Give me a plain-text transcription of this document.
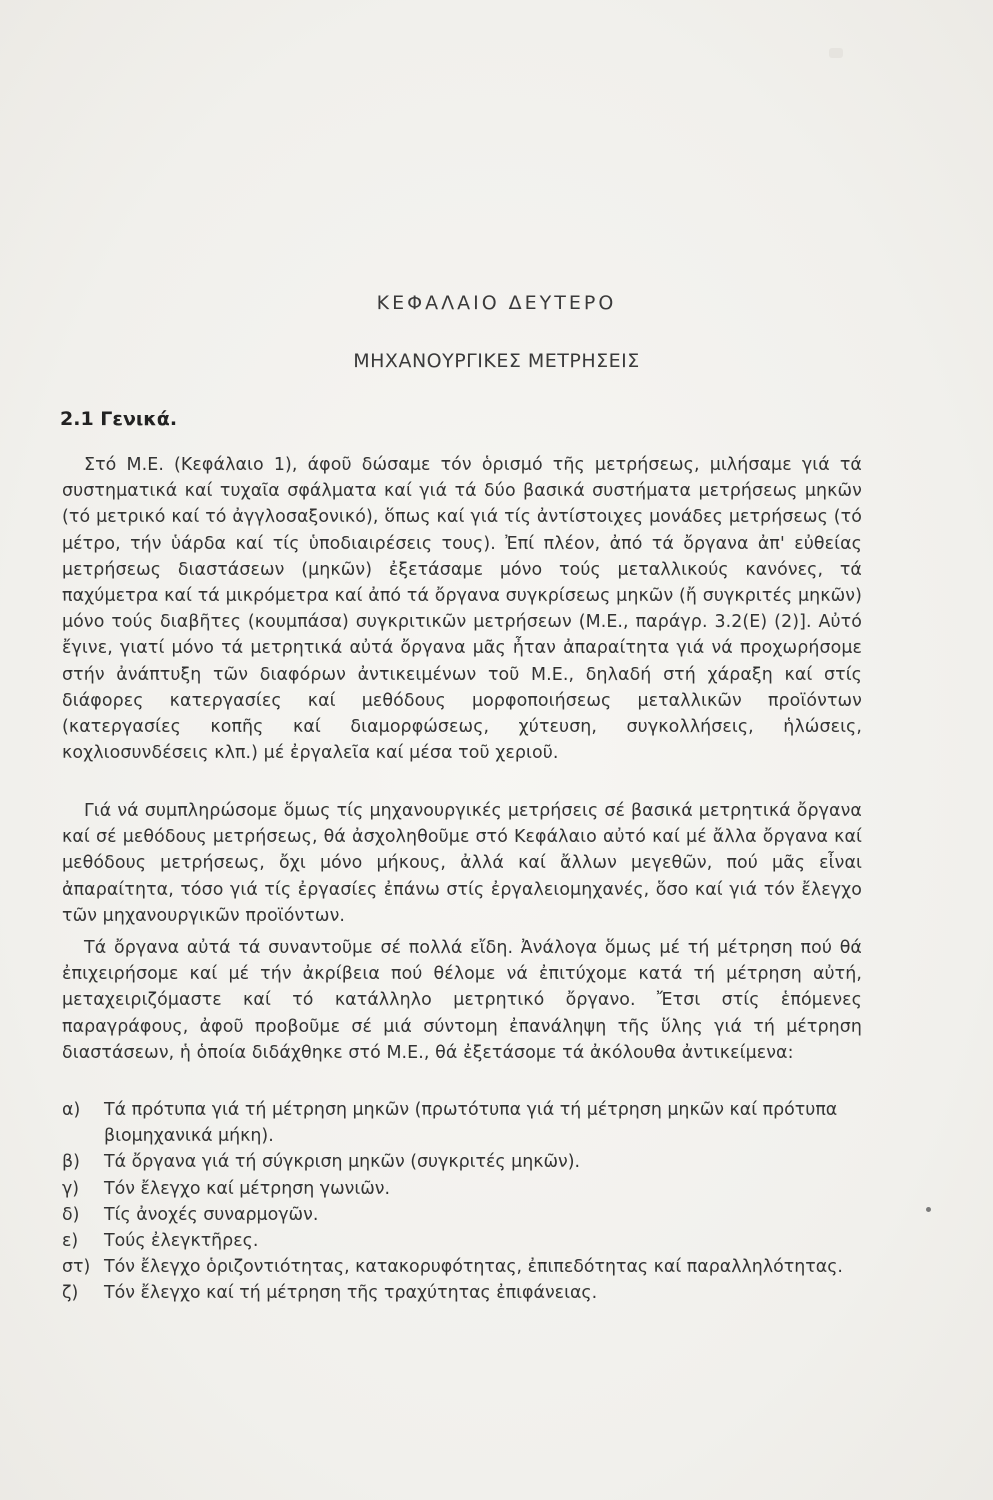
ΚΕΦΑΛΑΙΟ ΔΕΥΤΕΡΟ
ΜΗΧΑΝΟΥΡΓΙΚΕΣ ΜΕΤΡΗΣΕΙΣ
2.1 Γενικά.

Στό Μ.Ε. (Κεφάλαιο 1), άφοῦ δώσαμε τόν ὁρισμό τῆς μετρήσεως, μιλήσαμε γιά τά συστηματικά καί τυχαῖα σφάλματα καί γιά τά δύο βασικά συστήματα μετρήσεως μηκῶν (τό μετρικό καί τό ἀγγλοσαξονικό), ὅπως καί γιά τίς ἀντίστοιχες μονάδες μετρήσεως (τό μέτρο, τήν ὑάρδα καί τίς ὑποδιαιρέσεις τους). Ἐπί πλέον, ἀπό τά ὄργανα ἀπ' εὐθείας μετρήσεως διαστάσεων (μηκῶν) ἐξετάσαμε μόνο τούς μεταλλικούς κανόνες, τά παχύμετρα καί τά μικρόμετρα καί ἀπό τά ὄργανα συγκρίσεως μηκῶν (ἤ συγκριτές μηκῶν) μόνο τούς διαβῆτες (κουμπάσα) συγκριτικῶν μετρήσεων (Μ.Ε., παράγρ. 3.2(Ε) (2)]. Αὐτό ἔγινε, γιατί μόνο τά μετρητικά αὐτά ὄργανα μᾶς ἦταν ἀπαραίτητα γιά νά προχωρήσομε στήν ἀνάπτυξη τῶν διαφόρων ἀντικειμένων τοῦ Μ.Ε., δηλαδή στή χάραξη καί στίς διάφορες κατεργασίες καί μεθόδους μορφοποιήσεως μεταλλικῶν προϊόντων (κατεργασίες κοπῆς καί διαμορφώσεως, χύτευση, συγκολλήσεις, ἡλώσεις, κοχλιοσυνδέσεις κλπ.) μέ ἐργαλεῖα καί μέσα τοῦ χεριοῦ.

Γιά νά συμπληρώσομε ὅμως τίς μηχανουργικές μετρήσεις σέ βασικά μετρητικά ὄργανα καί σέ μεθόδους μετρήσεως, θά ἀσχοληθοῦμε στό Κεφάλαιο αὐτό καί μέ ἄλλα ὄργανα καί μεθόδους μετρήσεως, ὄχι μόνο μήκους, ἀλλά καί ἄλλων μεγεθῶν, πού μᾶς εἶναι ἀπαραίτητα, τόσο γιά τίς ἐργασίες ἐπάνω στίς ἐργαλειομηχανές, ὅσο καί γιά τόν ἔλεγχο τῶν μηχανουργικῶν προϊόντων.

Τά ὄργανα αὐτά τά συναντοῦμε σέ πολλά εἴδη. Ἀνάλογα ὅμως μέ τή μέτρηση πού θά ἐπιχειρήσομε καί μέ τήν ἀκρίβεια πού θέλομε νά ἐπιτύχομε κατά τή μέτρηση αὐτή, μεταχειριζόμαστε καί τό κατάλληλο μετρητικό ὄργανο. Ἔτσι στίς ἑπόμενες παραγράφους, ἀφοῦ προβοῦμε σέ μιά σύντομη ἐπανάληψη τῆς ὕλης γιά τή μέτρηση διαστάσεων, ἡ ὁποία διδάχθηκε στό Μ.Ε., θά ἐξετάσομε τά ἀκόλουθα ἀντικείμενα:

α)	Τά πρότυπα γιά τή μέτρηση μηκῶν (πρωτότυπα γιά τή μέτρηση μηκῶν καί πρότυπα βιομηχανικά μήκη).
β)	Τά ὄργανα γιά τή σύγκριση μηκῶν (συγκριτές μηκῶν).
γ)	Τόν ἔλεγχο καί μέτρηση γωνιῶν.
δ)	Τίς ἀνοχές συναρμογῶν.
ε)	Τούς ἐλεγκτῆρες.
στ) Τόν ἔλεγχο ὁριζοντιότητας, κατακορυφότητας, ἐπιπεδότητας καί παραλληλότητας.
ζ)	Τόν ἔλεγχο καί τή μέτρηση τῆς τραχύτητας ἐπιφάνειας.
